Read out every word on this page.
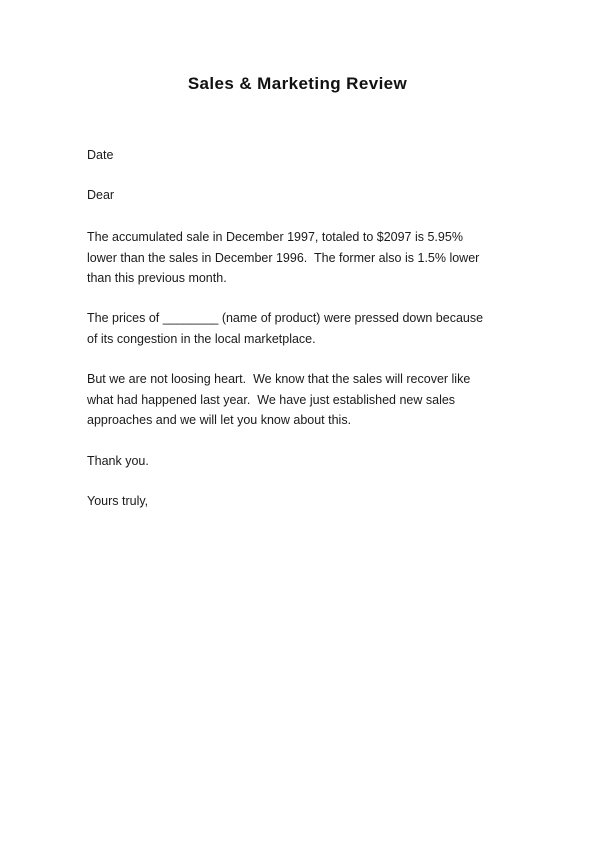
Sales & Marketing Review

Date

Dear

The accumulated sale in December 1997, totaled to $2097 is 5.95%
lower than the sales in December 1996.  The former also is 1.5% lower
than this previous month.

The prices of ________ (name of product) were pressed down because
of its congestion in the local marketplace.

But we are not loosing heart.  We know that the sales will recover like
what had happened last year.  We have just established new sales
approaches and we will let you know about this.

Thank you.

Yours truly,
